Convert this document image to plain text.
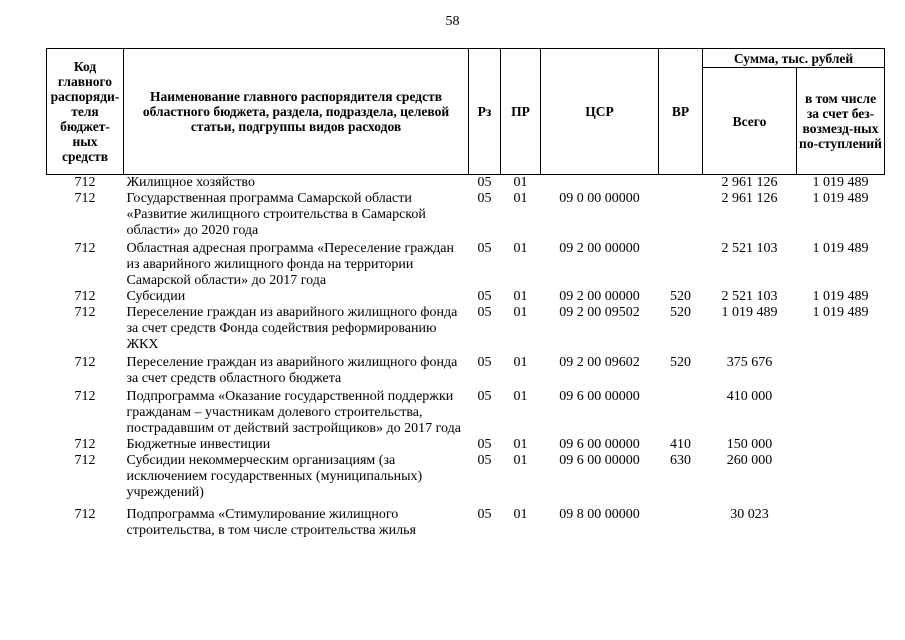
58
Код главного распоряди-теля бюджет-ных средств	Наименование главного распорядителя средств областного бюджета, раздела, подраздела, целевой статьи, подгруппы видов расходов	Рз	ПР	ЦСР	ВР	Сумма, тыс. рублей	
						Всего	в том числе за счет без-возмезд-ных по-ступлений
712	Жилищное хозяйство	05	01			2 961 126	1 019 489
712	Государственная программа Самарской области «Развитие жилищного строительства в Самарской области» до 2020 года	05	01	09 0 00 00000		2 961 126	1 019 489
712	Областная адресная программа «Переселение граждан из аварийного жилищного фонда на территории Самарской области» до 2017 года	05	01	09 2 00 00000		2 521 103	1 019 489
712	Субсидии	05	01	09 2 00 00000	520	2 521 103	1 019 489
712	Переселение граждан из аварийного жилищного фонда за счет средств Фонда содействия реформированию ЖКХ	05	01	09 2 00 09502	520	1 019 489	1 019 489
712	Переселение граждан из аварийного жилищного фонда за счет средств областного бюджета	05	01	09 2 00 09602	520	375 676	
712	Подпрограмма «Оказание государственной поддержки гражданам – участникам долевого строительства, пострадавшим от действий застройщиков» до 2017 года	05	01	09 6 00 00000		410 000	
712	Бюджетные инвестиции	05	01	09 6 00 00000	410	150 000	
712	Субсидии некоммерческим организациям (за исключением государственных (муниципальных) учреждений)	05	01	09 6 00 00000	630	260 000	
712	Подпрограмма «Стимулирование жилищного строительства, в том числе строительства жилья	05	01	09 8 00 00000		30 023	
